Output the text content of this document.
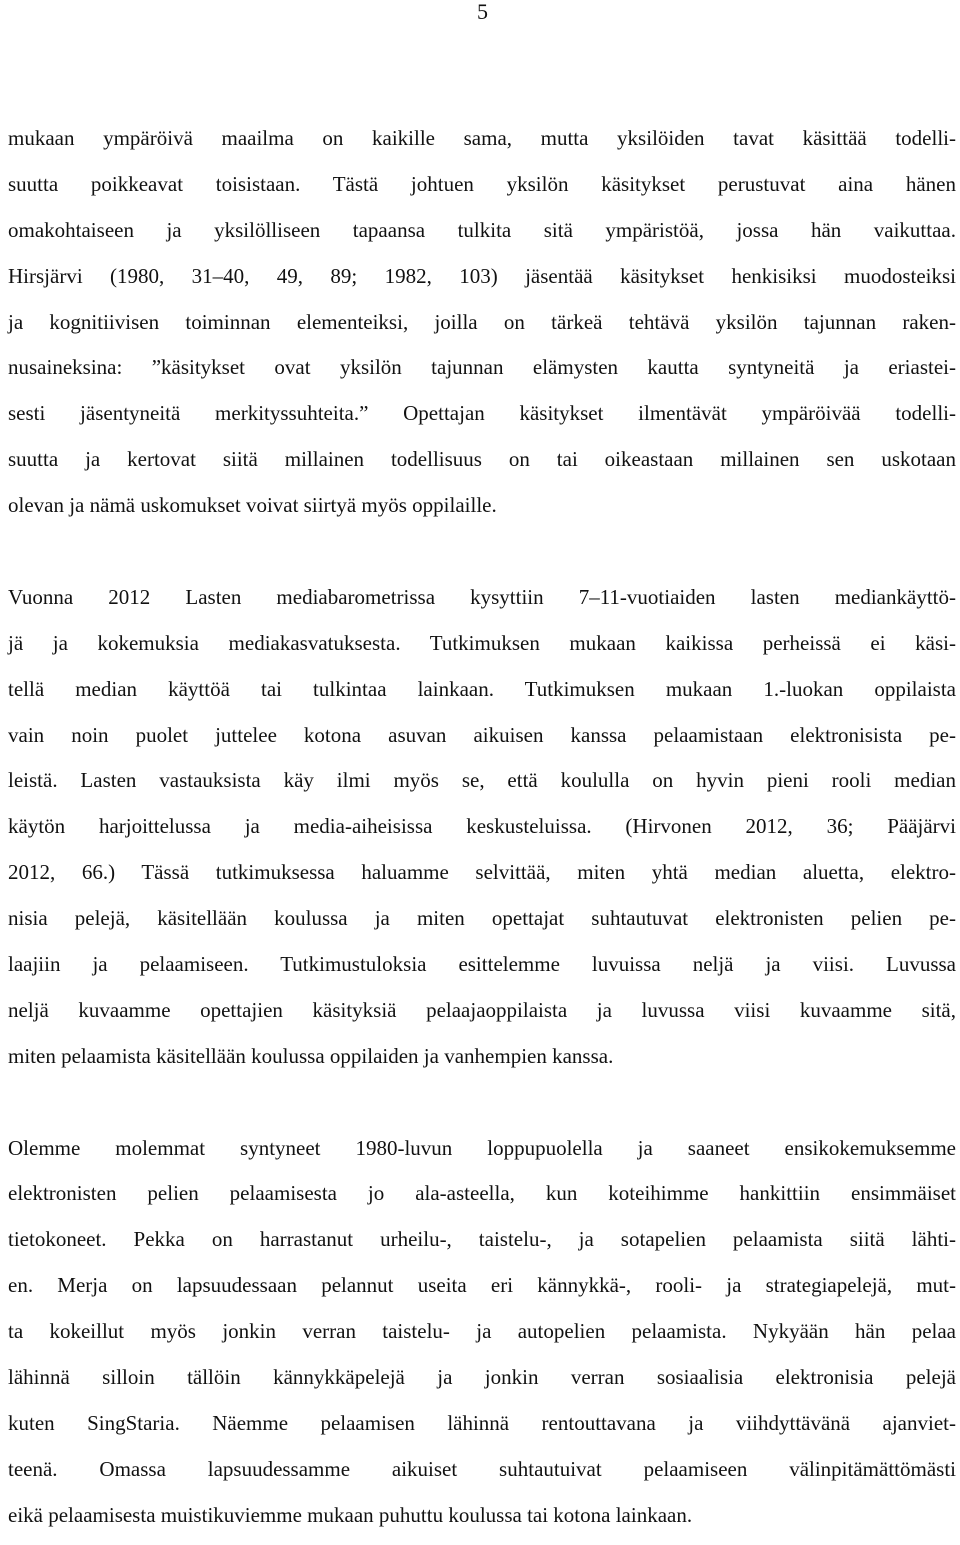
5
mukaan ympäröivä maailma on kaikille sama, mutta yksilöiden tavat käsittää todelli-
suutta poikkeavat toisistaan. Tästä johtuen yksilön käsitykset perustuvat aina hänen
omakohtaiseen ja yksilölliseen tapaansa tulkita sitä ympäristöä, jossa hän vaikuttaa.
Hirsjärvi (1980, 31–40, 49, 89; 1982, 103) jäsentää käsitykset henkisiksi muodosteiksi
ja kognitiivisen toiminnan elementeiksi, joilla on tärkeä tehtävä yksilön tajunnan raken-
nusaineksina: ”käsitykset ovat yksilön tajunnan elämysten kautta syntyneitä ja eriastei-
sesti jäsentyneitä merkityssuhteita.” Opettajan käsitykset ilmentävät ympäröivää todelli-
suutta ja kertovat siitä millainen todellisuus on tai oikeastaan millainen sen uskotaan
olevan ja nämä uskomukset voivat siirtyä myös oppilaille.
Vuonna 2012 Lasten mediabarometrissa kysyttiin 7–11-vuotiaiden lasten mediankäyttö-
jä ja kokemuksia mediakasvatuksesta. Tutkimuksen mukaan kaikissa perheissä ei käsi-
tellä median käyttöä tai tulkintaa lainkaan. Tutkimuksen mukaan 1.-luokan oppilaista
vain noin puolet juttelee kotona asuvan aikuisen kanssa pelaamistaan elektronisista pe-
leistä. Lasten vastauksista käy ilmi myös se, että koululla on hyvin pieni rooli median
käytön harjoittelussa ja media-aiheisissa keskusteluissa. (Hirvonen 2012, 36; Pääjärvi
2012, 66.) Tässä tutkimuksessa haluamme selvittää, miten yhtä median aluetta, elektro-
nisia pelejä, käsitellään koulussa ja miten opettajat suhtautuvat elektronisten pelien pe-
laajiin ja pelaamiseen. Tutkimustuloksia esittelemme luvuissa neljä ja viisi. Luvussa
neljä kuvaamme opettajien käsityksiä pelaajaoppilaista ja luvussa viisi kuvaamme sitä,
miten pelaamista käsitellään koulussa oppilaiden ja vanhempien kanssa.
Olemme molemmat syntyneet 1980-luvun loppupuolella ja saaneet ensikokemuksemme
elektronisten pelien pelaamisesta jo ala-asteella, kun koteihimme hankittiin ensimmäiset
tietokoneet. Pekka on harrastanut urheilu-, taistelu-, ja sotapelien pelaamista siitä lähti-
en. Merja on lapsuudessaan pelannut useita eri kännykkä-, rooli- ja strategiapelejä, mut-
ta kokeillut myös jonkin verran taistelu- ja autopelien pelaamista. Nykyään hän pelaa
lähinnä silloin tällöin kännykkäpelejä ja jonkin verran sosiaalisia elektronisia pelejä
kuten SingStaria. Näemme pelaamisen lähinnä rentouttavana ja viihdyttävänä ajanviet-
teenä. Omassa lapsuudessamme aikuiset suhtautuivat pelaamiseen välinpitämättömästi
eikä pelaamisesta muistikuviemme mukaan puhuttu koulussa tai kotona lainkaan.
